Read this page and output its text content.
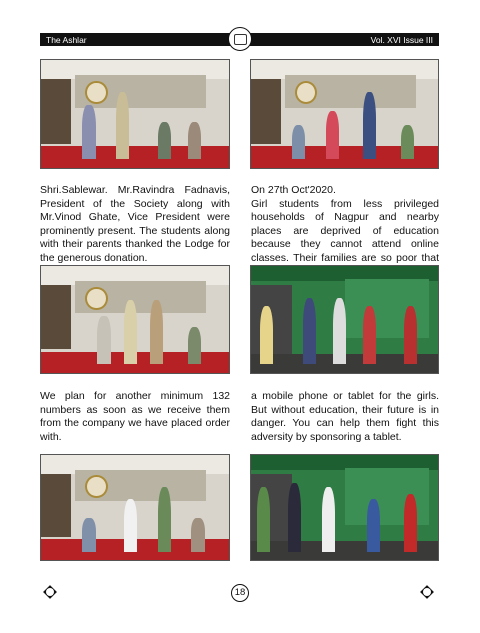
The Ashlar	Vol. XVI Issue III

Shri.Sablewar. Mr.Ravindra Fadnavis, President of the Society along with Mr.Vinod Ghate, Vice President were prominently present. The students along with their parents thanked the Lodge for the generous donation.

On 27th Oct'2020.

Girl students from less privileged households of Nagpur and nearby places are deprived of education because they cannot attend online classes. Their families are so poor that

We plan for another minimum 132 numbers as soon as we receive them from the company we have placed order with.

a mobile phone or tablet for the girls. But without education, their future is in danger. You can help them fight this adversity by sponsoring a tablet.

18
